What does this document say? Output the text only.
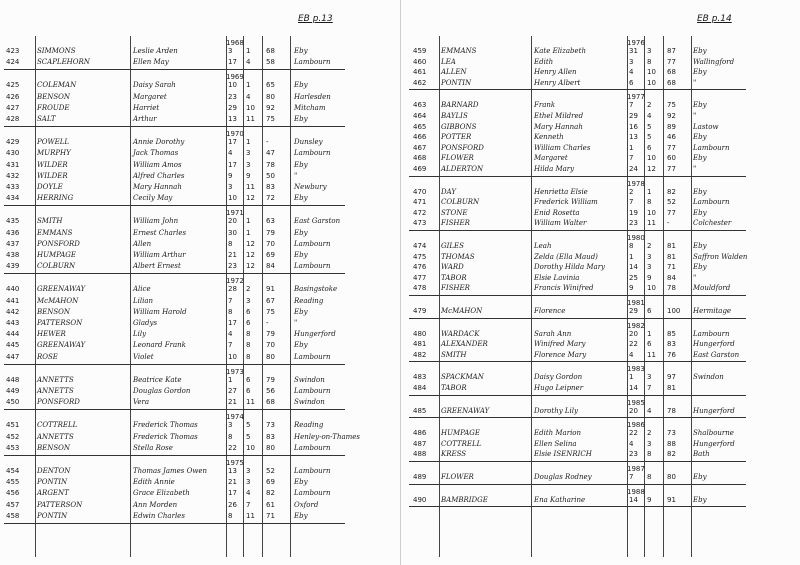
EB p.13
1968
423	SIMMONS	Leslie Arden	3 1 68	Eby
424	SCAPLEHORN	Ellen May	17 4 58	Lambourn
1969
425	COLEMAN	Daisy Sarah	10 1 65	Eby
426	BENSON	Margaret	23 4 80	Harlesden
427	FROUDE	Harriet	29 10 92	Mitcham
428	SALT	Arthur	13 11 75	Eby
1970
429	POWELL	Annie Dorothy	17 1 -	Dunsley
430	MURPHY	Jack Thomas	4 3 47	Lambourn
431	WILDER	William Amos	17 3 78	Eby
432	WILDER	Alfred Charles	9 9 50	"
433	DOYLE	Mary Hannah	3 11 83	Newbury
434	HERRING	Cecily May	10 12 72	Eby
1971
435	SMITH	William John	20 1 63	East Garston
436	EMMANS	Ernest Charles	30 1 79	Eby
437	PONSFORD	Allen	8 12 70	Lambourn
438	HUMPAGE	William Arthur	21 12 69	Eby
439	COLBURN	Albert Ernest	23 12 84	Lambourn
1972
440	GREENAWAY	Alice	28 2 91	Basingstoke
441	McMAHON	Lilian	7 3 67	Reading
442	BENSON	William Harold	8 6 75	Eby
443	PATTERSON	Gladys	17 6 -	"
444	HEWER	Lily	4 8 79	Hungerford
445	GREENAWAY	Leonard Frank	7 8 70	Eby
447	ROSE	Violet	10 8 80	Lambourn
1973
448	ANNETTS	Beatrice Kate	1 6 79	Swindon
449	ANNETTS	Douglas Gordon	27 6 56	Lambourn
450	PONSFORD	Vera	21 11 68	Swindon
1974
451	COTTRELL	Frederick Thomas	3 5 73	Reading
452	ANNETTS	Frederick Thomas	8 5 83	Henley-on-Thames
453	BENSON	Stella Rose	22 10 80	Lambourn
1975
454	DENTON	Thomas James Owen	13 3 52	Lambourn
455	PONTIN	Edith Annie	21 3 69	Eby
456	ARGENT	Grace Elizabeth	17 4 82	Lambourn
457	PATTERSON	Ann Morden	26 7 61	Oxford
458	PONTIN	Edwin Charles	8 11 71	Eby
EB p.14
1976
459 EMMANS	Kate Elizabeth	31 3 87 Eby
460 LEA	Edith	3 8 77 Wallingford
461 ALLEN	Henry Allen	4 10 68 Eby
462 PONTIN	Henry Albert	6 10 68 "
1977
463 BARNARD	Frank	7 2 75 Eby
464 BAYLIS	Ethel Mildred	29 4 92 "
465 GIBBONS	Mary Hannah	16 5 89 Lastow
466 POTTER	Kenneth	13 5 46 Eby
467 PONSFORD	William Charles	1 6 77 Lambourn
468 FLOWER	Margaret	7 10 60 Eby
469 ALDERTON	Hilda Mary	24 12 77 "
1978
470 DAY	Henrietta Elsie	2 1 82 Eby
471 COLBURN	Frederick William	7 8 52 Lambourn
472 STONE	Enid Rosetta	19 10 77 Eby
473 FISHER	William Walter	23 11 -	Colchester
1980
474 GILES	Leah	8 2 81 Eby
475 THOMAS	Zelda (Ella Maud)	1 3 81 Saffron Walden
476 WARD	Dorothy Hilda Mary	14 3 71 Eby
477 TABOR	Elsie Lavinia	25 9 84 "
478 FISHER	Francis Winifred	9 10 78 Mouldford
1981
479 McMAHON	Florence	29 6 100 Hermitage
1982
480 WARDACK	Sarah Ann	20 1 85 Lambourn
481 ALEXANDER	Winifred Mary	22 6 83 Hungerford
482 SMITH	Florence Mary	4 11 76 East Garston
1983
483 SPACKMAN	Daisy Gordon	1 3 97 Swindon
484 TABOR	Hugo Leipner	14 7 81
1985
485 GREENAWAY	Dorothy Lily	20 4 78 Hungerford
1986
486 HUMPAGE	Edith Marion	22 2 73 Shalbourne
487 COTTRELL	Ellen Selina	4 3 88 Hungerford
488 KRESS	Elsie ISENRICH	23 8 82 Bath
1987
489 FLOWER	Douglas Rodney	7 8 80 Eby
1988
490 BAMBRIDGE	Ena Katharine	14 9 91 Eby
